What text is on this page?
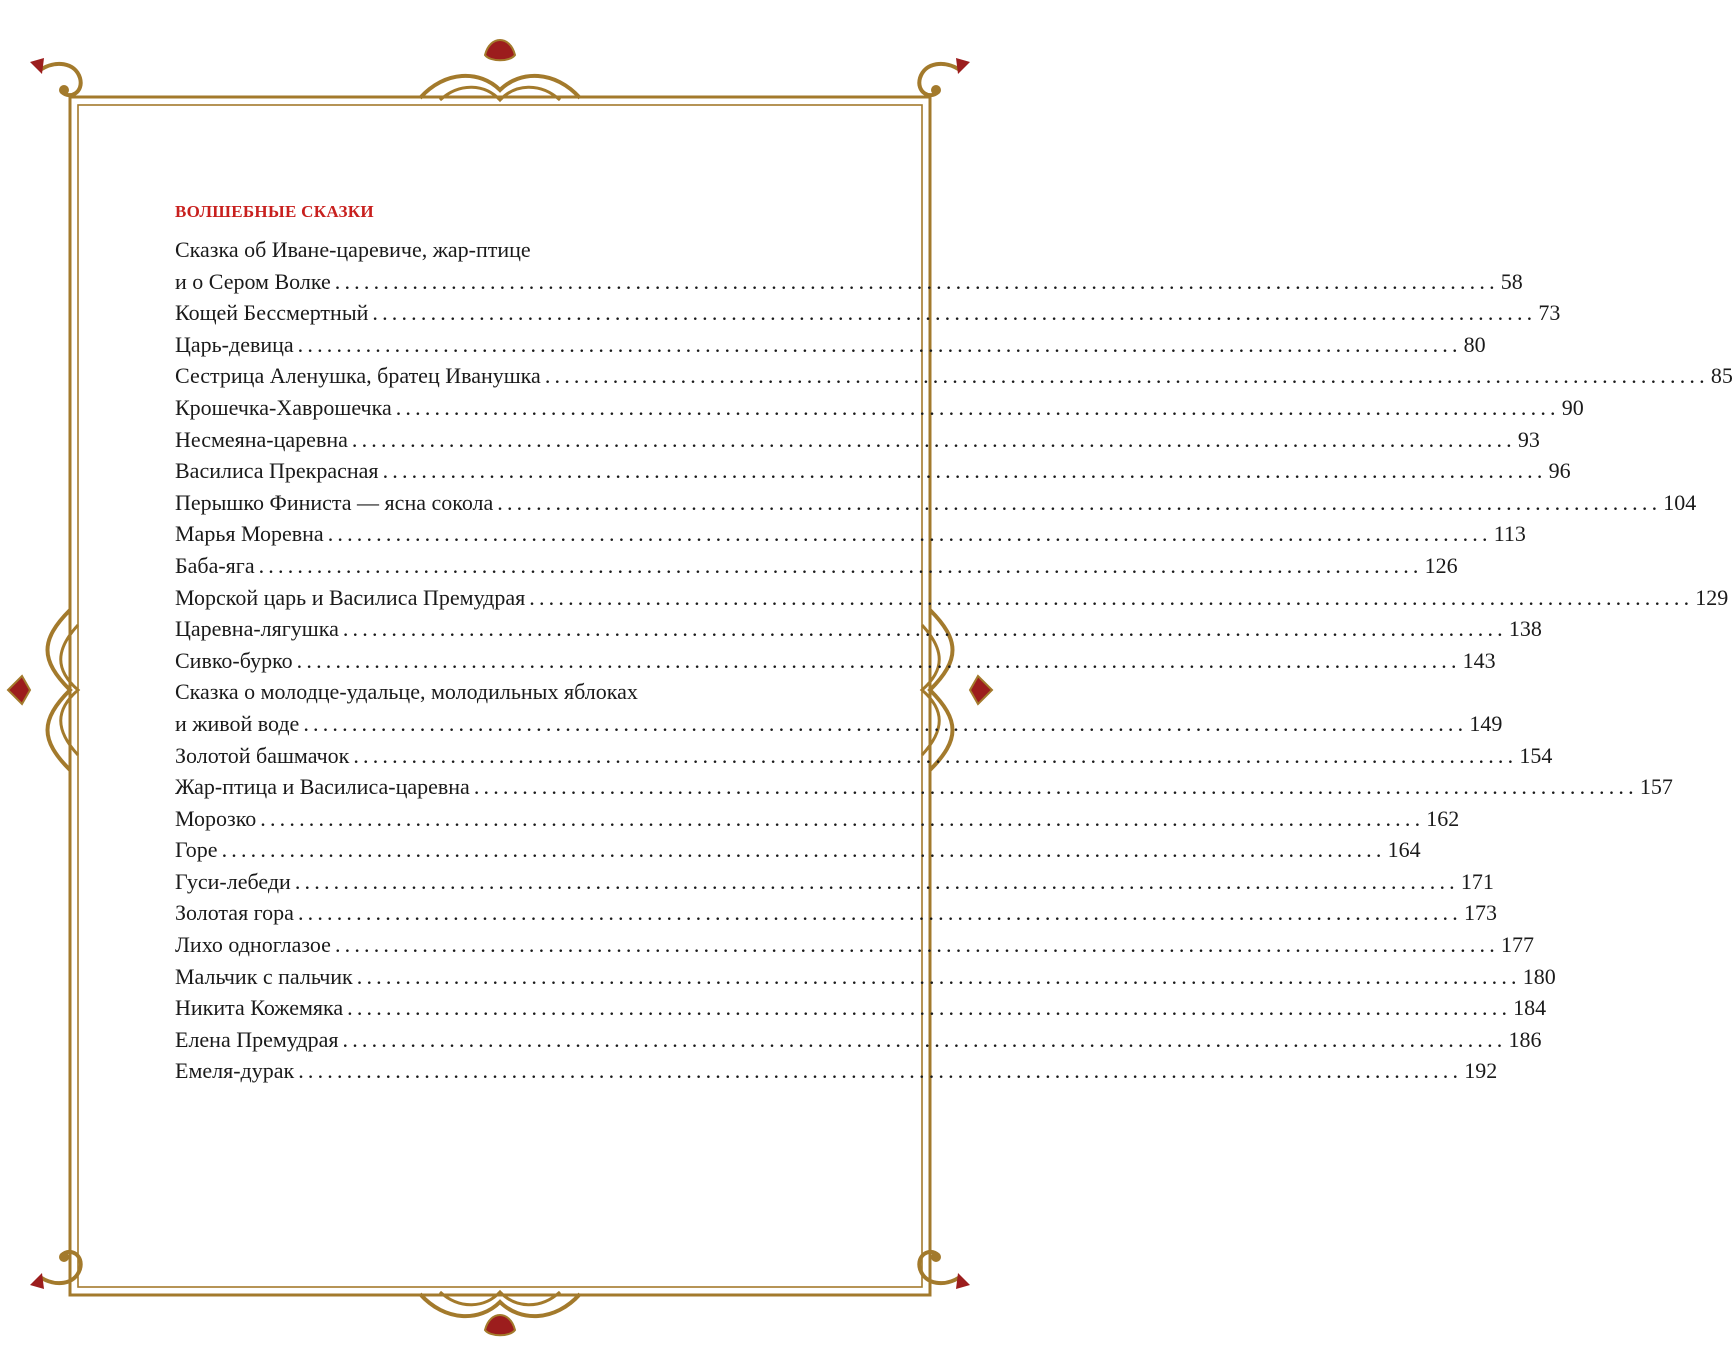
ВОЛШЕБНЫЕ СКАЗКИ
Сказка об Иване-царевиче, жар-птице
и о Сером Волке ........................................................................................................................ 58
Кощей Бессмертный ........................................................................................................................ 73
Царь-девица ........................................................................................................................ 80
Сестрица Аленушка, братец Иванушка ........................................................................................................................ 85
Крошечка-Хаврошечка ........................................................................................................................ 90
Несмеяна-царевна ........................................................................................................................ 93
Василиса Прекрасная ........................................................................................................................ 96
Перышко Финиста — ясна сокола ........................................................................................................................ 104
Марья Моревна ........................................................................................................................ 113
Баба-яга ........................................................................................................................ 126
Морской царь и Василиса Премудрая ........................................................................................................................ 129
Царевна-лягушка ........................................................................................................................ 138
Сивко-бурко ........................................................................................................................ 143
Сказка о молодце-удальце, молодильных яблоках
и живой воде ........................................................................................................................ 149
Золотой башмачок ........................................................................................................................ 154
Жар-птица и Василиса-царевна ........................................................................................................................ 157
Морозко ........................................................................................................................ 162
Горе ........................................................................................................................ 164
Гуси-лебеди ........................................................................................................................ 171
Золотая гора ........................................................................................................................ 173
Лихо одноглазое ........................................................................................................................ 177
Мальчик с пальчик ........................................................................................................................ 180
Никита Кожемяка ........................................................................................................................ 184
Елена Премудрая ........................................................................................................................ 186
Емеля-дурак ........................................................................................................................ 192
